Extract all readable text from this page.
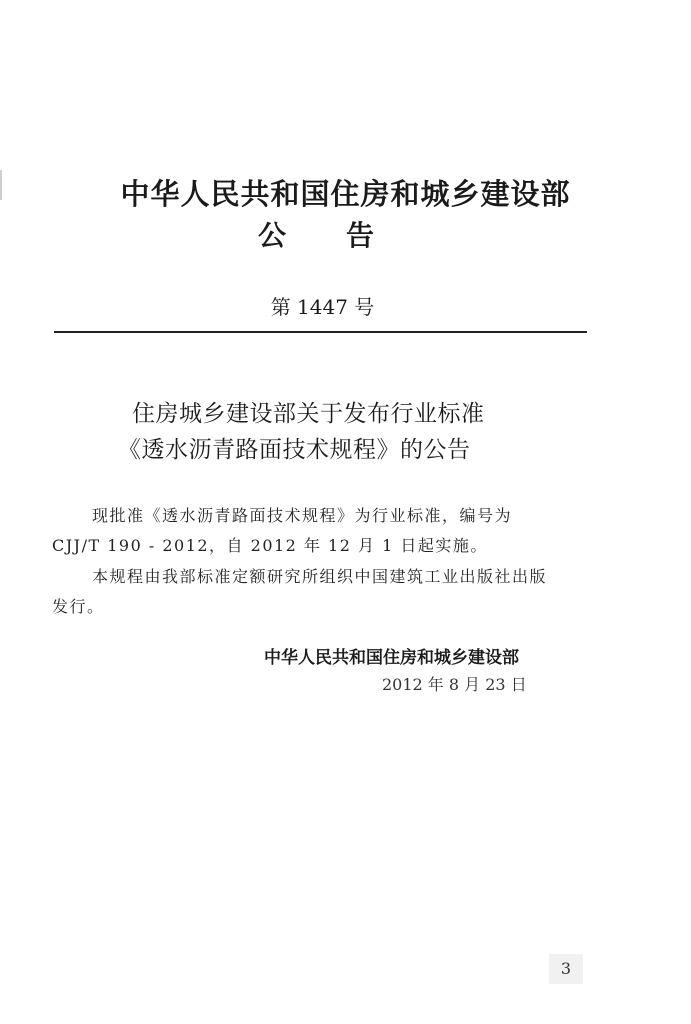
中华人民共和国住房和城乡建设部
公 告
第 1447 号
住房城乡建设部关于发布行业标准
《透水沥青路面技术规程》的公告
现批准《透水沥青路面技术规程》为行业标准，编号为
CJJ/T 190 - 2012，自 2012 年 12 月 1 日起实施。
本规程由我部标准定额研究所组织中国建筑工业出版社出版
发行。
中华人民共和国住房和城乡建设部
2012 年 8 月 23 日
3
